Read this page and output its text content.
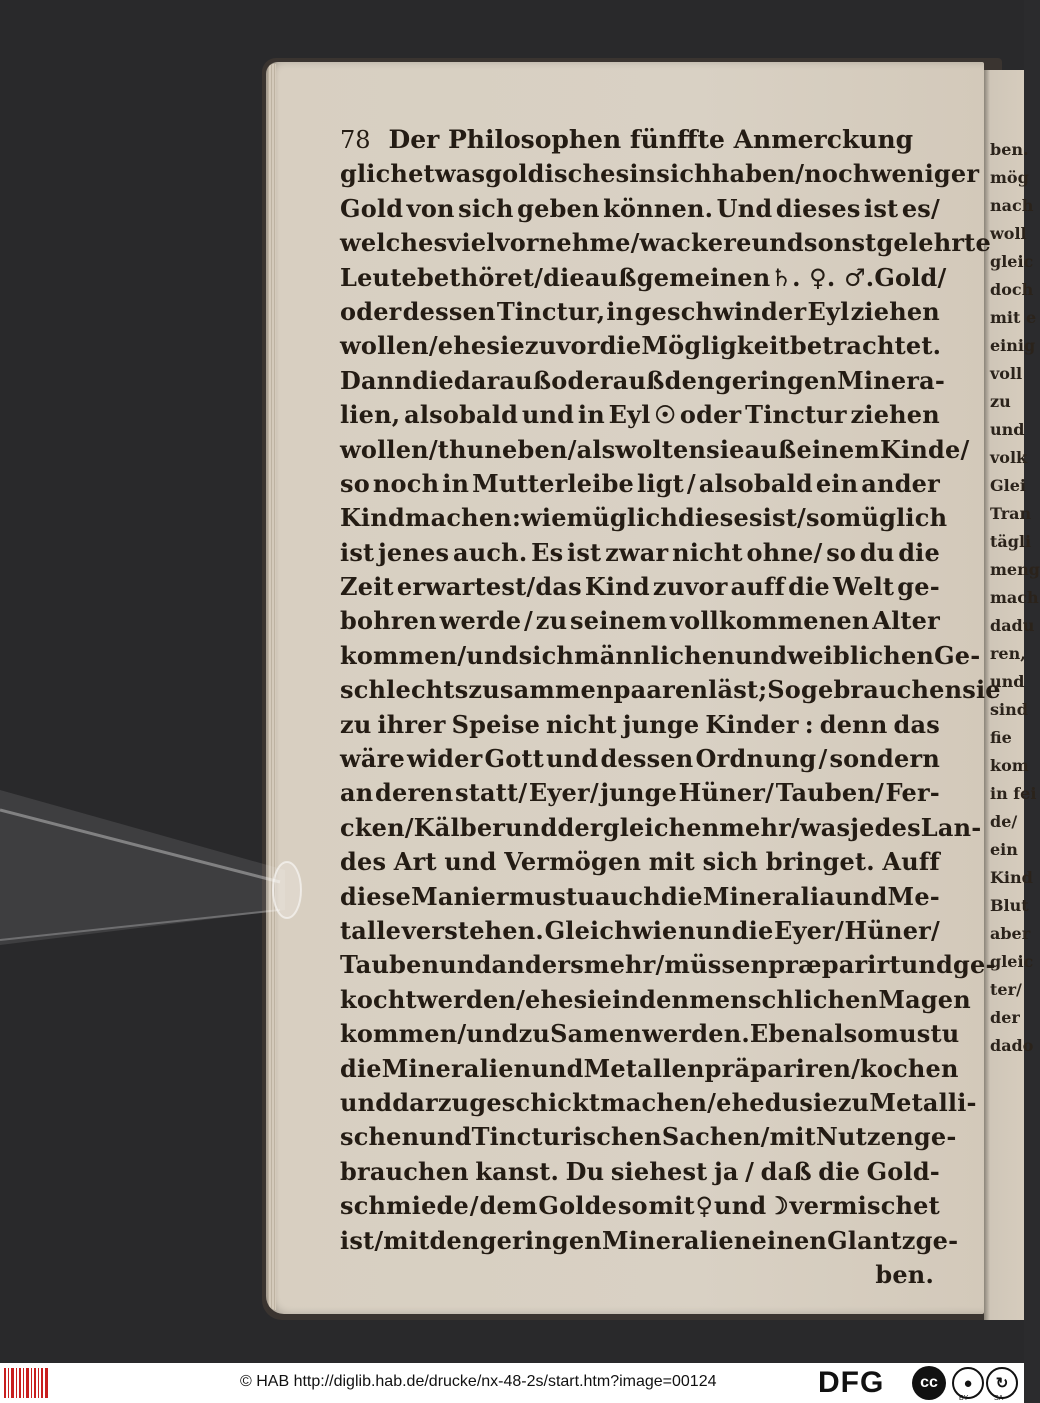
ben.
mög
nach
woll
gleic
doch
mit e
einig
voll
zu
und
volk
Glei
Tran
tägli
meng
mach
dadu
ren,
und
sind
fie
kom
in fei
de/
ein
Kind
Blut
aber
gleic
ter/
der
dado
78 Der Philosophen fünffte Anmerckung
glich etwas goldisches in sich haben/ noch weniger
Gold von sich geben können. Und dieses ist es/
welches viel vornehme/ wackere und sonst gelehrte
Leute bethöret/ die auß gemeinen ♄. ♀. ♂. Gold/
oder dessen Tinctur, in geschwinder Eyl ziehen
wollen/ ehe sie zuvor die Mögligkeit betrachtet.
Dann die darauß oder auß den geringen Minera-
lien, alsobald und in Eyl ☉ oder Tinctur ziehen
wollen/thun eben/als wolten sie auß einem Kinde/
so noch in Mutterleibe ligt / alsobald ein ander
Kind machen: wie müglich dieses ist / so müglich
ist jenes auch. Es ist zwar nicht ohne/ so du die
Zeit erwartest/das Kind zuvor auff die Welt ge-
bohren werde / zu seinem vollkommenen Alter
kommen/und sich männlichen und weiblichen Ge-
schlechts zusammenpaaren läst; So gebrauchen sie
zu ihrer Speise nicht junge Kinder : denn das
wäre wider Gott und dessen Ordnung / sondern
an deren statt/ Eyer/ junge Hüner/ Tauben/ Fer-
cken/Kälber und dergleichen mehr/was jedes Lan-
des Art und Vermögen mit sich bringet. Auff
diese Manier mustu auch die Mineralia und Me-
talle verstehen. Gleichwie nun die Eyer/ Hüner/
Tauben und anders mehr/müssen præparirt und ge-
kocht werden/ehe sie in den menschlichen Magen
kommen/und zu Samen werden. Eben also mustu
die Mineralien und Metallen präpariren / kochen
und darzu geschicktmachen/ ehe du sie zu Metalli-
schen und Tincturischen Sachen/ mit Nutzen ge-
brauchen kanst. Du siehest ja / daß die Gold-
schmiede / dem Golde so mit ♀ und ☽ vermischet
ist/mit den geringen Mineralien einen Glantz ge-
ben.
© HAB http://diglib.hab.de/drucke/nx-48-2s/start.htm?image=00124	DFG cc	●
BY
↻
SA
